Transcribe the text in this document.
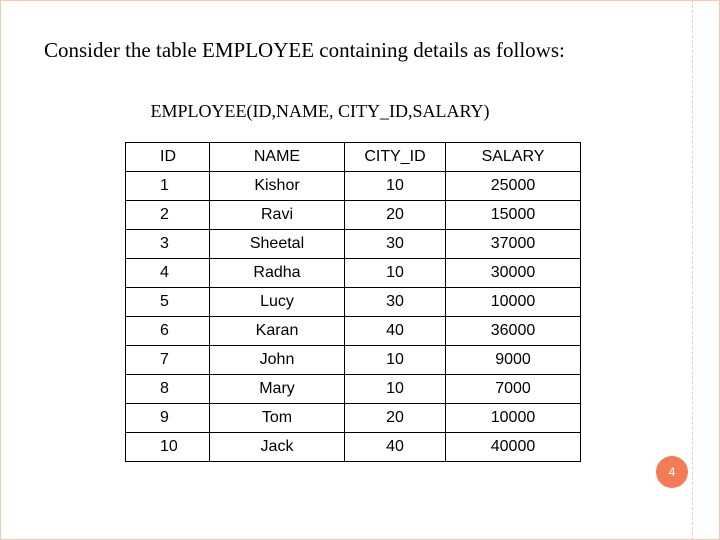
Consider the table EMPLOYEE containing details as follows:
EMPLOYEE(ID,NAME, CITY_ID,SALARY)
ID	NAME	CITY_ID	SALARY
1	Kishor	10	25000
2	Ravi	20	15000
3	Sheetal	30	37000
4	Radha	10	30000
5	Lucy	30	10000
6	Karan	40	36000
7	John	10	9000
8	Mary	10	7000
9	Tom	20	10000
10	Jack	40	40000
4
